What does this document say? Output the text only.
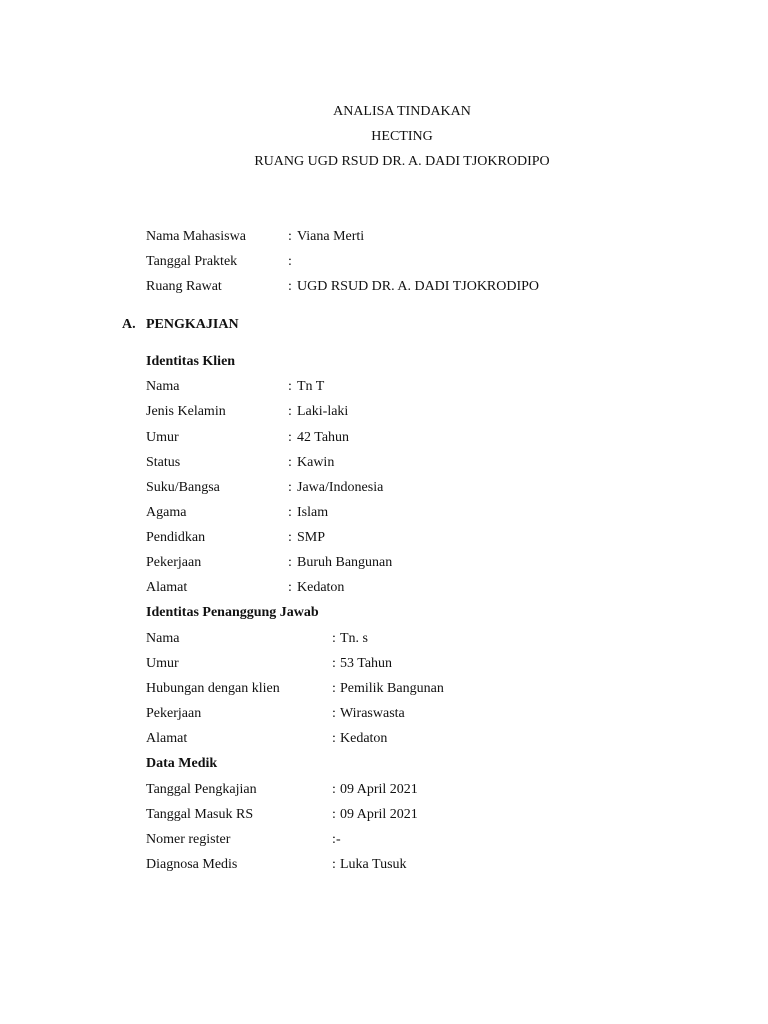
ANALISA TINDAKAN
HECTING
RUANG UGD RSUD DR. A. DADI TJOKRODIPO
Nama Mahasiswa	: Viana Merti
Tanggal Praktek	:
Ruang Rawat	: UGD RSUD DR. A. DADI TJOKRODIPO
A. PENGKAJIAN
Identitas Klien
Nama	: Tn T
Jenis Kelamin	: Laki-laki
Umur	: 42 Tahun
Status	: Kawin
Suku/Bangsa	: Jawa/Indonesia
Agama	: Islam
Pendidkan	: SMP
Pekerjaan	: Buruh Bangunan
Alamat	: Kedaton
Identitas Penanggung Jawab
Nama	: Tn. s
Umur	: 53 Tahun
Hubungan dengan klien	: Pemilik Bangunan
Pekerjaan	: Wiraswasta
Alamat	: Kedaton
Data Medik
Tanggal Pengkajian	: 09 April 2021
Tanggal Masuk RS	: 09 April 2021
Nomer register	: -
Diagnosa Medis	: Luka Tusuk
